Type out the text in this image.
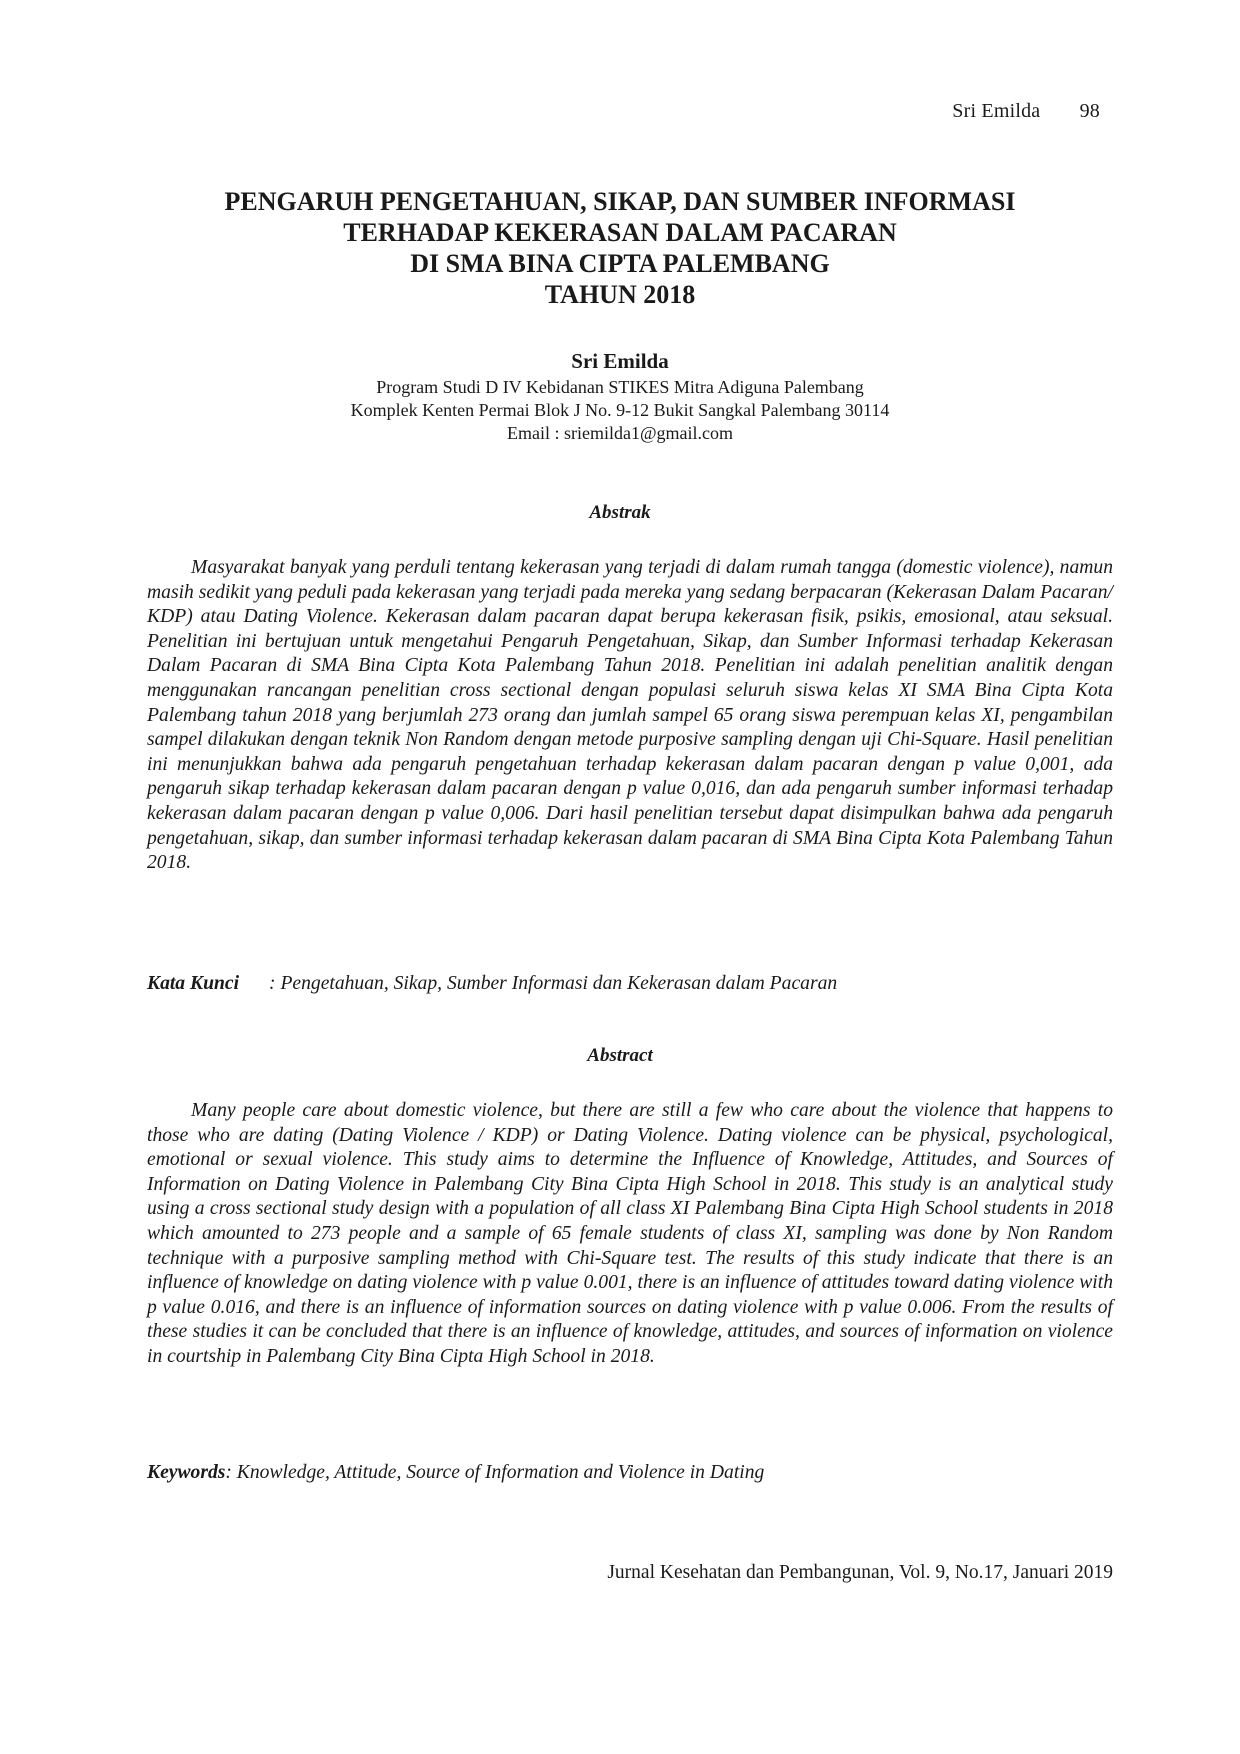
Sri Emilda 98
PENGARUH PENGETAHUAN, SIKAP, DAN SUMBER INFORMASI
TERHADAP KEKERASAN DALAM PACARAN
DI SMA BINA CIPTA PALEMBANG
TAHUN 2018
Sri Emilda
Program Studi D IV Kebidanan STIKES Mitra Adiguna Palembang
Komplek Kenten Permai Blok J No. 9-12 Bukit Sangkal Palembang 30114
Email : sriemilda1@gmail.com
Abstrak
Masyarakat banyak yang perduli tentang kekerasan yang terjadi di dalam rumah tangga (domestic violence), namun masih sedikit yang peduli pada kekerasan yang terjadi pada mereka yang sedang berpacaran (Kekerasan Dalam Pacaran/ KDP) atau Dating Violence. Kekerasan dalam pacaran dapat berupa kekerasan fisik, psikis, emosional, atau seksual. Penelitian ini bertujuan untuk mengetahui Pengaruh Pengetahuan, Sikap, dan Sumber Informasi terhadap Kekerasan Dalam Pacaran di SMA Bina Cipta Kota Palembang Tahun 2018. Penelitian ini adalah penelitian analitik dengan menggunakan rancangan penelitian cross sectional dengan populasi seluruh siswa kelas XI SMA Bina Cipta Kota Palembang tahun 2018 yang berjumlah 273 orang dan jumlah sampel 65 orang siswa perempuan kelas XI, pengambilan sampel dilakukan dengan teknik Non Random dengan metode purposive sampling dengan uji Chi-Square. Hasil penelitian ini menunjukkan bahwa ada pengaruh pengetahuan terhadap kekerasan dalam pacaran dengan p value 0,001, ada pengaruh sikap terhadap kekerasan dalam pacaran dengan p value 0,016, dan ada pengaruh sumber informasi terhadap kekerasan dalam pacaran dengan p value 0,006. Dari hasil penelitian tersebut dapat disimpulkan bahwa ada pengaruh pengetahuan, sikap, dan sumber informasi terhadap kekerasan dalam pacaran di SMA Bina Cipta Kota Palembang Tahun 2018.
Kata Kunci : Pengetahuan, Sikap, Sumber Informasi dan Kekerasan dalam Pacaran
Abstract
Many people care about domestic violence, but there are still a few who care about the violence that happens to those who are dating (Dating Violence / KDP) or Dating Violence. Dating violence can be physical, psychological, emotional or sexual violence. This study aims to determine the Influence of Knowledge, Attitudes, and Sources of Information on Dating Violence in Palembang City Bina Cipta High School in 2018. This study is an analytical study using a cross sectional study design with a population of all class XI Palembang Bina Cipta High School students in 2018 which amounted to 273 people and a sample of 65 female students of class XI, sampling was done by Non Random technique with a purposive sampling method with Chi-Square test. The results of this study indicate that there is an influence of knowledge on dating violence with p value 0.001, there is an influence of attitudes toward dating violence with p value 0.016, and there is an influence of information sources on dating violence with p value 0.006. From the results of these studies it can be concluded that there is an influence of knowledge, attitudes, and sources of information on violence in courtship in Palembang City Bina Cipta High School in 2018.
Keywords: Knowledge, Attitude, Source of Information and Violence in Dating
Jurnal Kesehatan dan Pembangunan, Vol. 9, No.17, Januari 2019
